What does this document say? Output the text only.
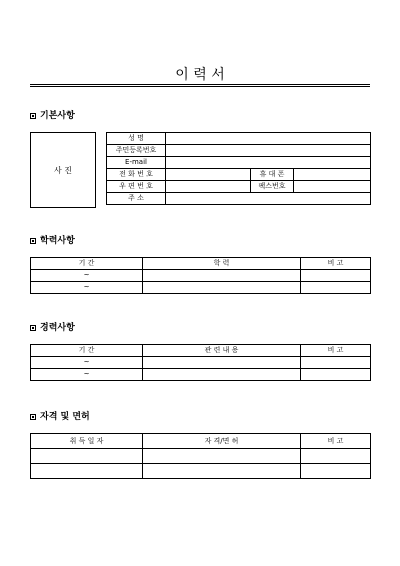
이 력 서
기본사항
사 진
성 명			
주민등록번호			
E-mail			
전 화 번 호		휴 대 폰	
우 편 번 호		팩스번호	
주 소			
학력사항
기 간	학 력	비 고
~		
~		
경력사항
기 간	관 련 내 용	비 고
~		
~		
자격 및 면허
취 득 일 자	자 격/면 허	비 고
